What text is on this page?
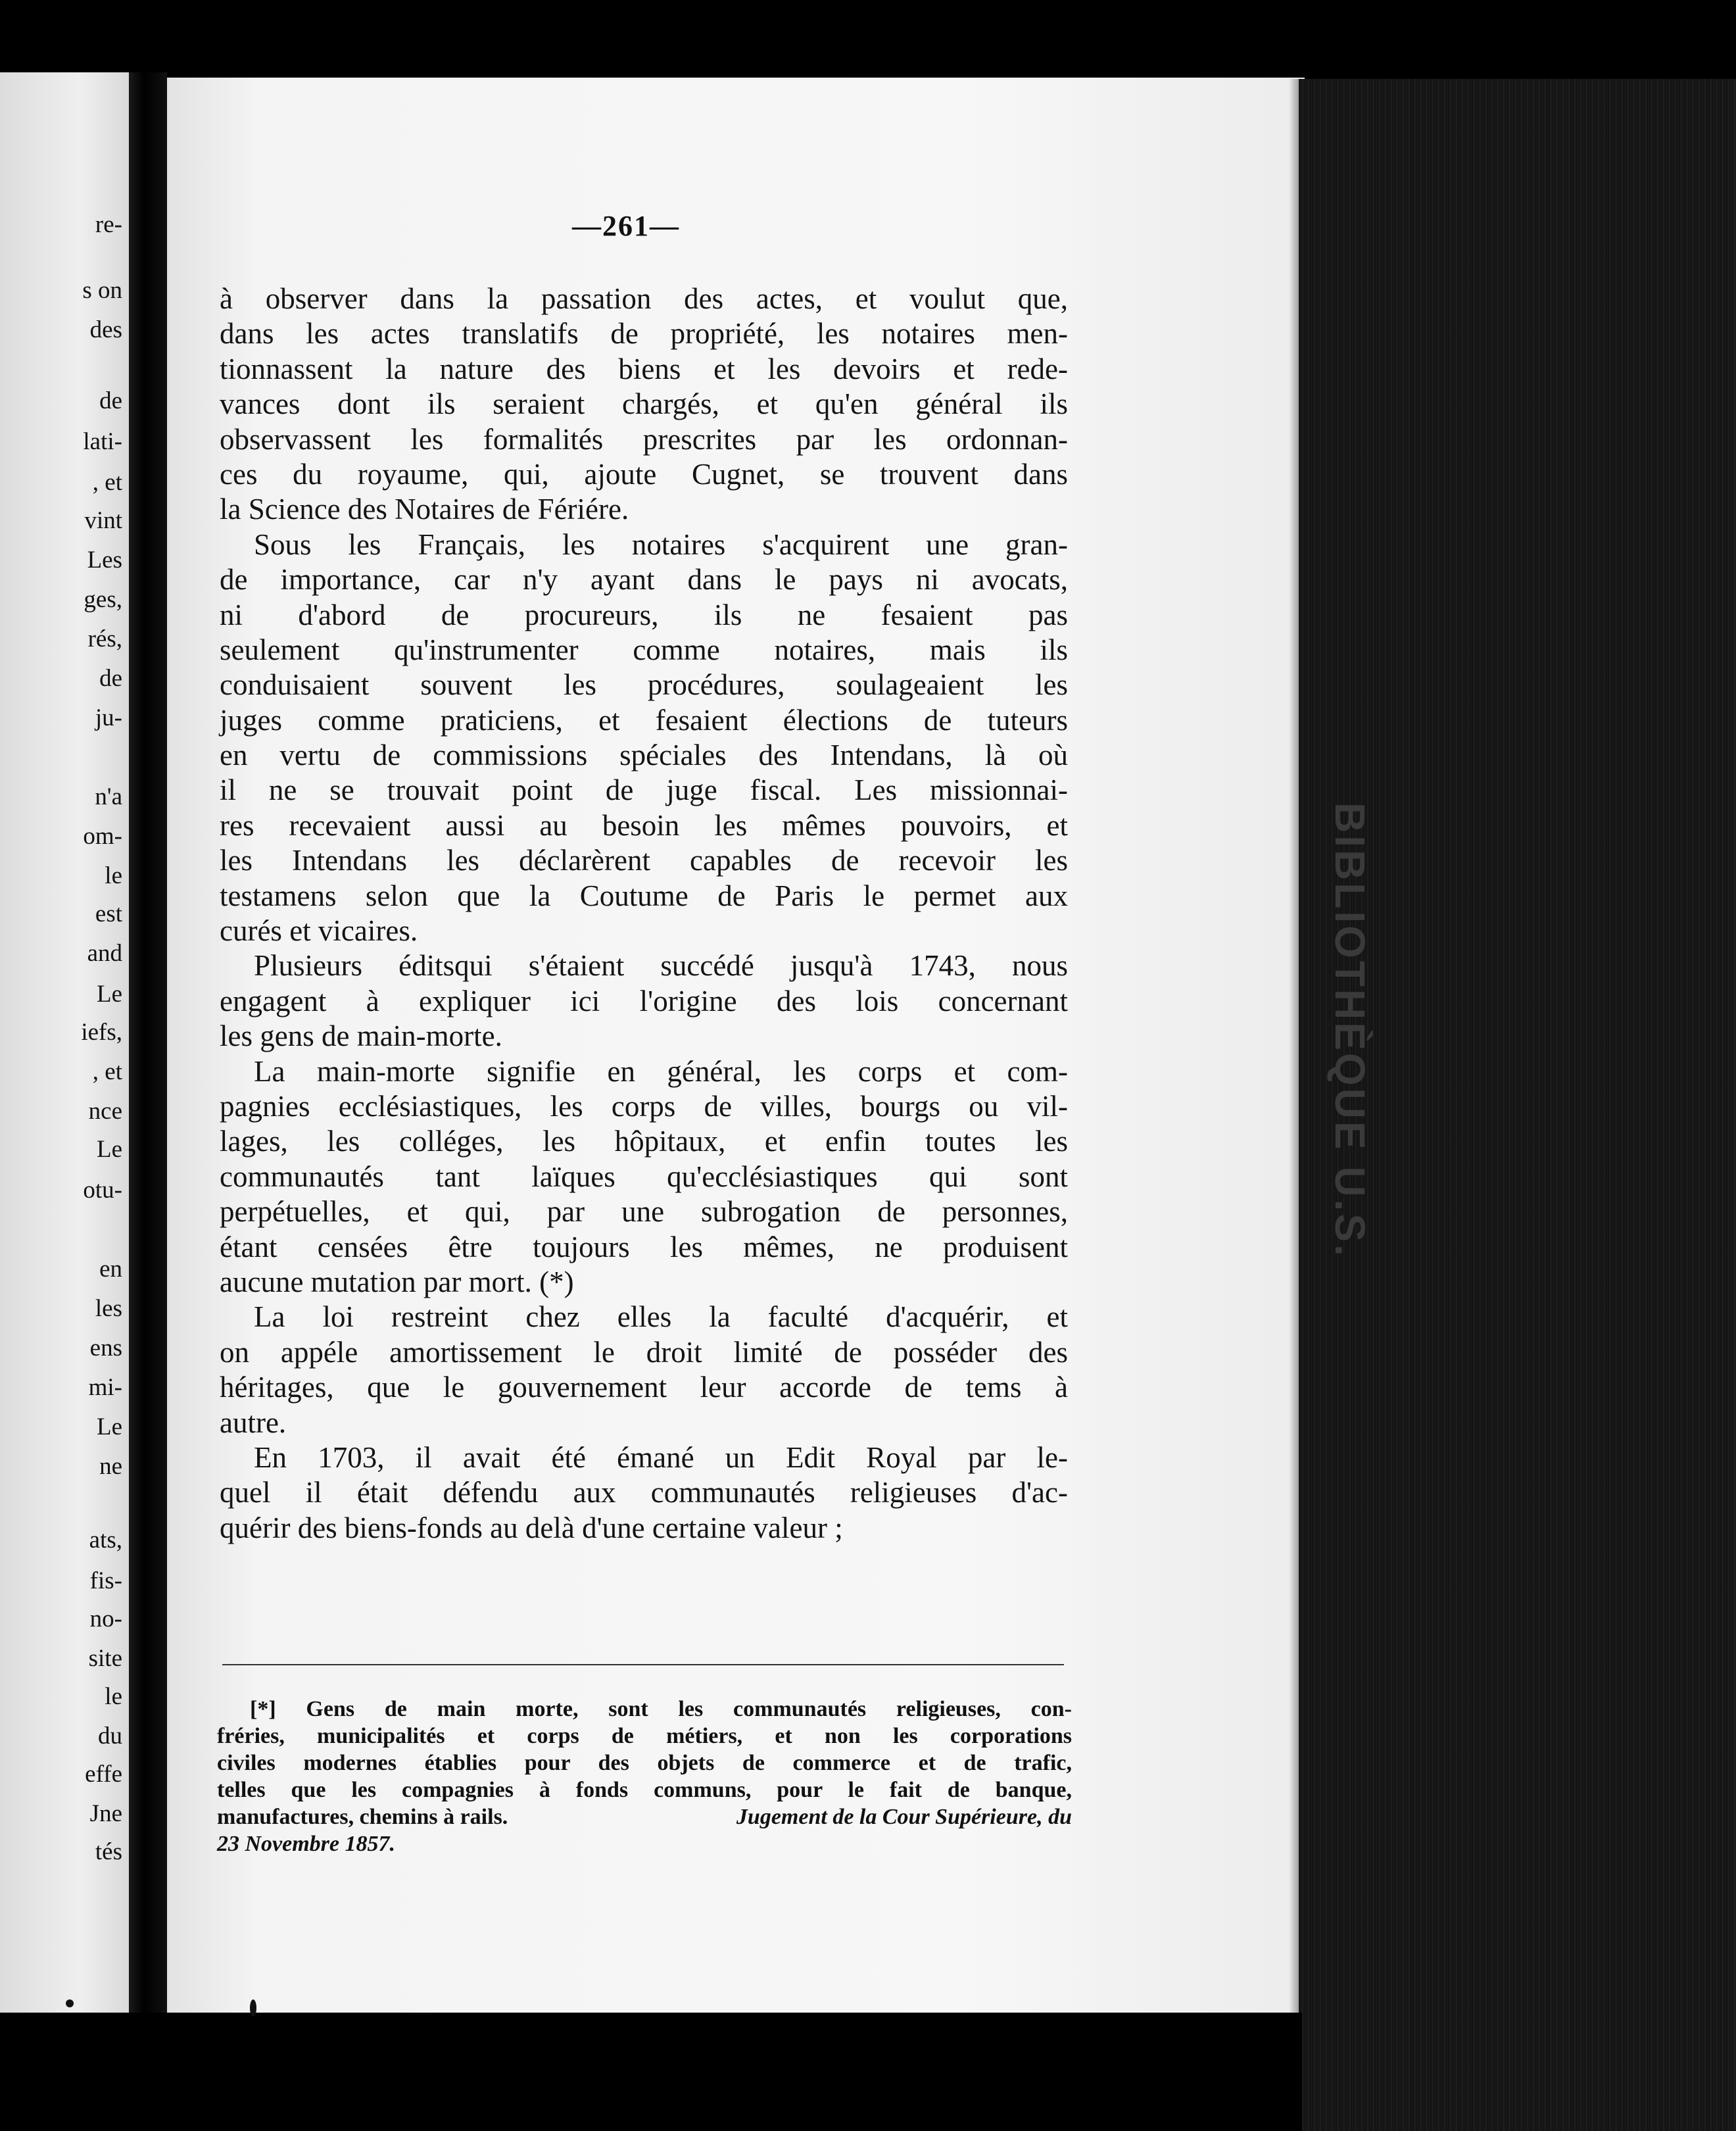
re-
s on
des
de
lati-
, et
vint
Les
ges,
rés,
de
ju-
n'a
om-
le
est
and
Le
iefs,
, et
nce
Le
otu-
en
les
ens
mi-
Le
ne
ats,
fis-
no-
site
le
du
effe
Jne
tés
BIBLIOTHÈQUE U.S.
—261—
à observer dans la passation des actes, et voulut que,
dans les actes translatifs de propriété, les notaires men-
tionnassent la nature des biens et les devoirs et rede-
vances dont ils seraient chargés, et qu'en général ils
observassent les formalités prescrites par les ordonnan-
ces du royaume, qui, ajoute Cugnet, se trouvent dans
la Science des Notaires de Fériére.
Sous les Français, les notaires s'acquirent une gran-
de importance, car n'y ayant dans le pays ni avocats,
ni d'abord de procureurs, ils ne fesaient pas
seulement qu'instrumenter comme notaires, mais ils
conduisaient souvent les procédures, soulageaient les
juges comme praticiens, et fesaient élections de tuteurs
en vertu de commissions spéciales des Intendans, là où
il ne se trouvait point de juge fiscal. Les missionnai-
res recevaient aussi au besoin les mêmes pouvoirs, et
les Intendans les déclarèrent capables de recevoir les
testamens selon que la Coutume de Paris le permet aux
curés et vicaires.
Plusieurs éditsqui s'étaient succédé jusqu'à 1743, nous
engagent à expliquer ici l'origine des lois concernant
les gens de main-morte.
La main-morte signifie en général, les corps et com-
pagnies ecclésiastiques, les corps de villes, bourgs ou vil-
lages, les colléges, les hôpitaux, et enfin toutes les
communautés tant laïques qu'ecclésiastiques qui sont
perpétuelles, et qui, par une subrogation de personnes,
étant censées être toujours les mêmes, ne produisent
aucune mutation par mort. (*)
La loi restreint chez elles la faculté d'acquérir, et
on appéle amortissement le droit limité de posséder des
héritages, que le gouvernement leur accorde de tems à
autre.
En 1703, il avait été émané un Edit Royal par le-
quel il était défendu aux communautés religieuses d'ac-
quérir des biens-fonds au delà d'une certaine valeur ;
[*] Gens de main morte, sont les communautés religieuses, con-
fréries, municipalités et corps de métiers, et non les corporations
civiles modernes établies pour des objets de commerce et de trafic,
telles que les compagnies à fonds communs, pour le fait de banque,
manufactures, chemins à rails.	Jugement de la Cour Supérieure, du
23 Novembre 1857.
